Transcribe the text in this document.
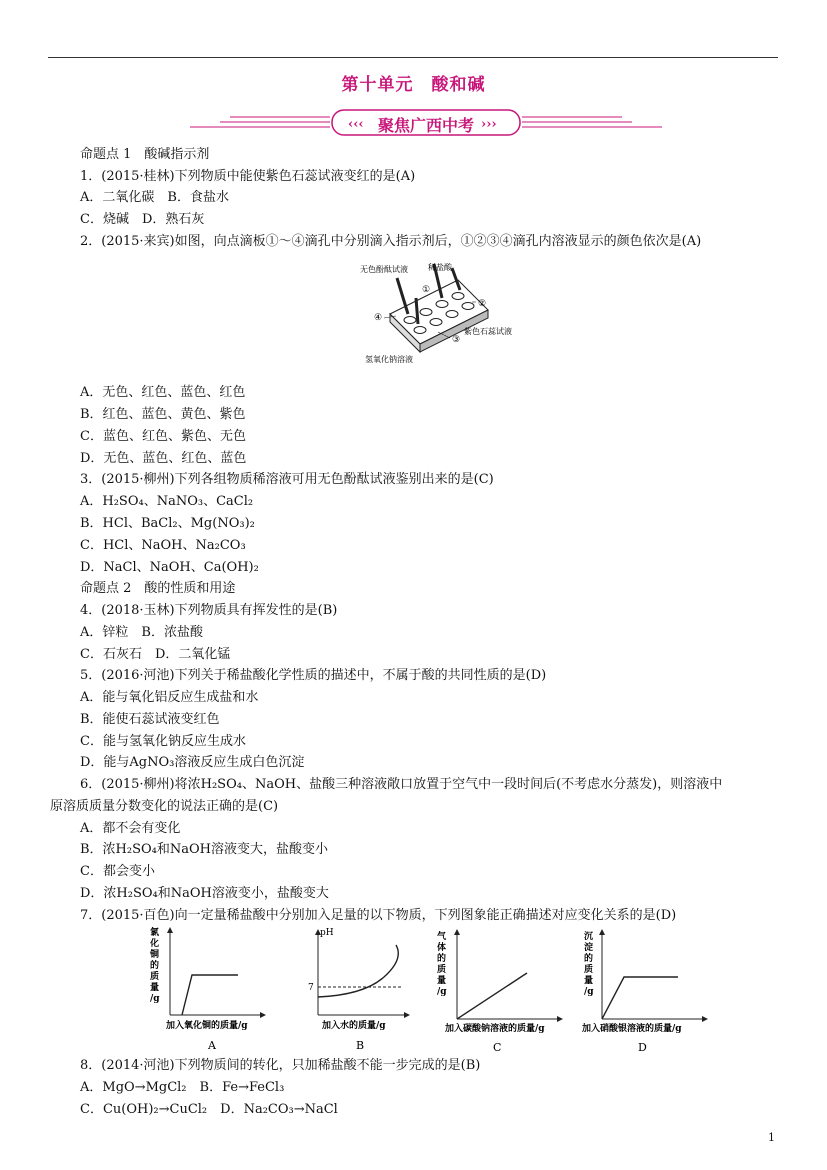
第十单元　酸和碱
‹‹‹	›››
聚焦广西中考
命题点 1　酸碱指示剂
1．(2015·桂林)下列物质中能使紫色石蕊试液变红的是(A)
A．二氧化碳　B．食盐水
C．烧碱　D．熟石灰
2．(2015·来宾)如图，向点滴板①～④滴孔中分别滴入指示剂后，①②③④滴孔内溶液显示的颜色依次是(A)
无色酚酞试液	稀盐酸
②
④
③
①
紫色石蕊试液
氢氧化钠溶液
A．无色、红色、蓝色、红色
B．红色、蓝色、黄色、紫色
C．蓝色、红色、紫色、无色
D．无色、蓝色、红色、蓝色
3．(2015·柳州)下列各组物质稀溶液可用无色酚酞试液鉴别出来的是(C)
A．H₂SO₄、NaNO₃、CaCl₂
B．HCl、BaCl₂、Mg(NO₃)₂
C．HCl、NaOH、Na₂CO₃
D．NaCl、NaOH、Ca(OH)₂
命题点 2　酸的性质和用途
4．(2018·玉林)下列物质具有挥发性的是(B)
A．锌粒　B．浓盐酸
C．石灰石　D．二氧化锰
5．(2016·河池)下列关于稀盐酸化学性质的描述中，不属于酸的共同性质的是(D)
A．能与氧化铝反应生成盐和水
B．能使石蕊试液变红色
C．能与氢氧化钠反应生成水
D．能与AgNO₃溶液反应生成白色沉淀
6．(2015·柳州)将浓H₂SO₄、NaOH、盐酸三种溶液敞口放置于空气中一段时间后(不考虑水分蒸发)，则溶液中
原溶质质量分数变化的说法正确的是(C)
A．都不会有变化
B．浓H₂SO₄和NaOH溶液变大，盐酸变小
C．都会变小
D．浓H₂SO₄和NaOH溶液变小，盐酸变大
7．(2015·百色)向一定量稀盐酸中分别加入足量的以下物质，下列图象能正确描述对应变化关系的是(D)
氯化铜的质量/g
加入氧化铜的质量/g
A
pH
7
加入水的质量/g
B
气体的质量/g
加入碳酸钠溶液的质量/g
C
沉淀的质量/g
加入硝酸银溶液的质量/g
D
8．(2014·河池)下列物质间的转化，只加稀盐酸不能一步完成的是(B)
A．MgO→MgCl₂　B．Fe→FeCl₃
C．Cu(OH)₂→CuCl₂　D．Na₂CO₃→NaCl
1
